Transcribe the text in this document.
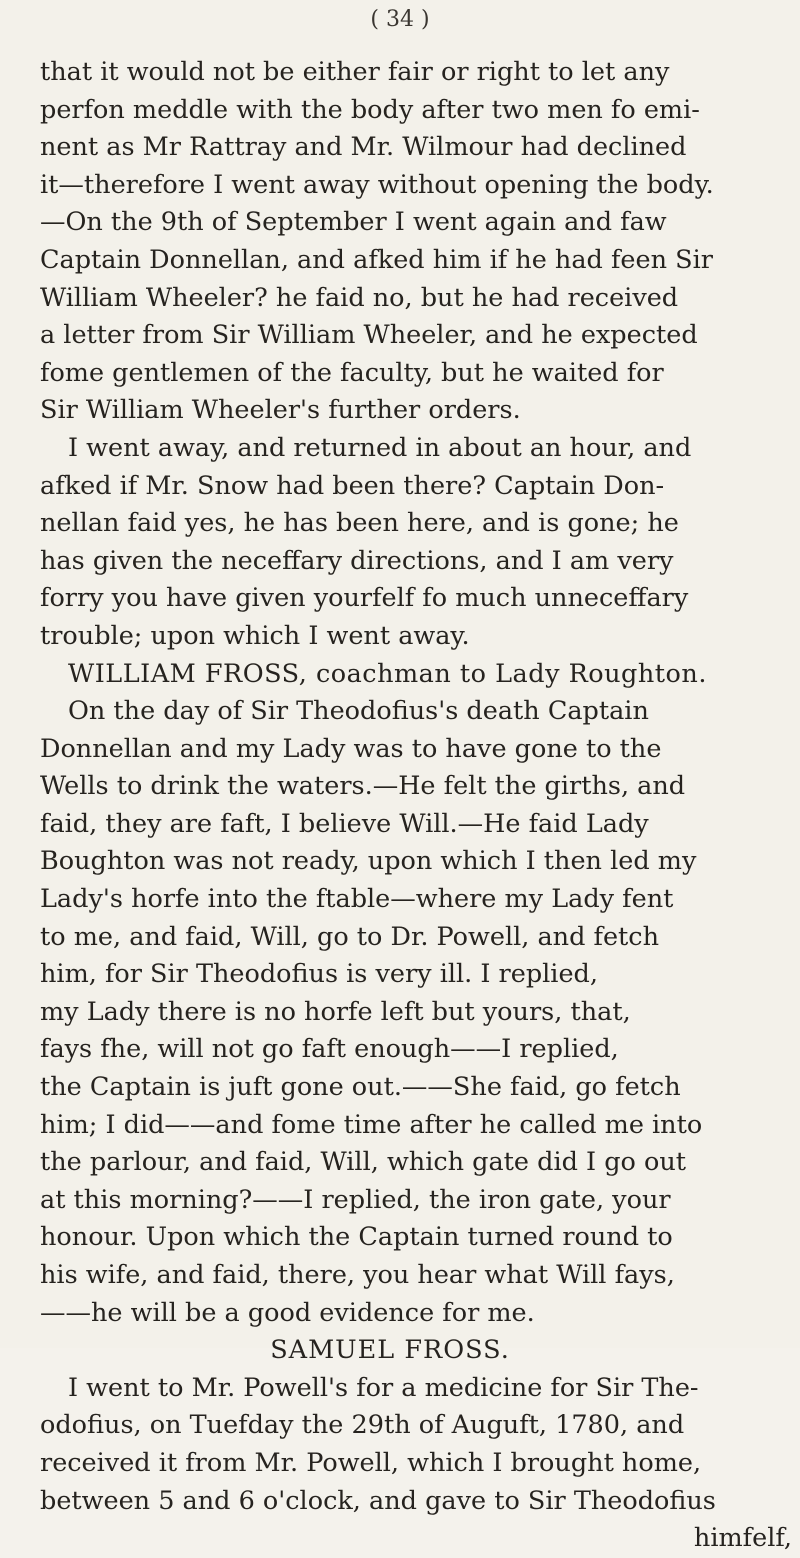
( 34 )
that it would not be either fair or right to let any
perfon meddle with the body after two men fo emi-
nent as Mr Rattray and Mr. Wilmour had declined
it—therefore I went away without opening the body.
—On the 9th of September I went again and faw
Captain Donnellan, and afked him if he had feen Sir
William Wheeler? he faid no, but he had received
a letter from Sir William Wheeler, and he expected
fome gentlemen of the faculty, but he waited for
Sir William Wheeler's further orders.
I went away, and returned in about an hour, and
afked if Mr. Snow had been there? Captain Don-
nellan faid yes, he has been here, and is gone; he
has given the neceffary directions, and I am very
forry you have given yourfelf fo much unneceffary
trouble; upon which I went away.
WILLIAM FROSS, coachman to Lady Roughton.
On the day of Sir Theodofius's death Captain
Donnellan and my Lady was to have gone to the
Wells to drink the waters.—He felt the girths, and
faid, they are faft, I believe Will.—He faid Lady
Boughton was not ready, upon which I then led my
Lady's horfe into the ftable—where my Lady fent
to me, and faid, Will, go to Dr. Powell, and fetch
him, for Sir Theodofius is very ill. I replied,
my Lady there is no horfe left but yours, that,
fays fhe, will not go faft enough——I replied,
the Captain is juft gone out.——She faid, go fetch
him; I did——and fome time after he called me into
the parlour, and faid, Will, which gate did I go out
at this morning?——I replied, the iron gate, your
honour. Upon which the Captain turned round to
his wife, and faid, there, you hear what Will fays,
——he will be a good evidence for me.
SAMUEL FROSS.
I went to Mr. Powell's for a medicine for Sir The-
odofius, on Tuefday the 29th of Auguft, 1780, and
received it from Mr. Powell, which I brought home,
between 5 and 6 o'clock, and gave to Sir Theodofius
himfelf,
